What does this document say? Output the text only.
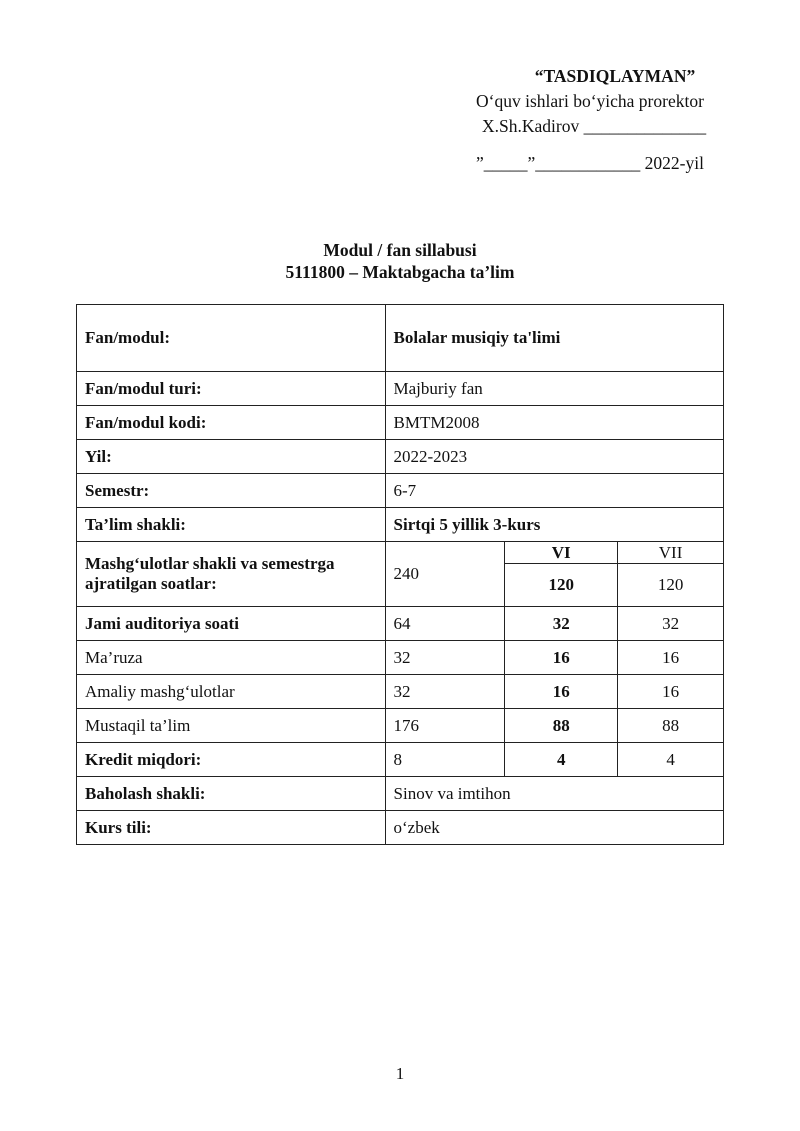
“TASDIQLAYMAN”
O‘quv ishlari bo‘yicha prorektor
X.Sh.Kadirov ______________
”_____”____________ 2022-yil
Modul / fan sillabusi
5111800 – Maktabgacha ta’lim
Fan/modul:	Bolalar musiqiy ta'limi		
Fan/modul turi:	Majburiy fan		
Fan/modul kodi:	BMTM2008		
Yil:	2022-2023		
Semestr:	6-7		
Ta’lim shakli:	Sirtqi 5 yillik 3-kurs		
Mashg‘ulotlar shakli va semestrga ajratilgan soatlar:	240	VI	VII
		120	120
Jami auditoriya soati	64	32	32
Ma’ruza	32	16	16
Amaliy mashg‘ulotlar	32	16	16
Mustaqil ta’lim	176	88	88
Kredit miqdori:	8	4	4
Baholash shakli:	Sinov va imtihon		
Kurs tili:	o‘zbek		
1
